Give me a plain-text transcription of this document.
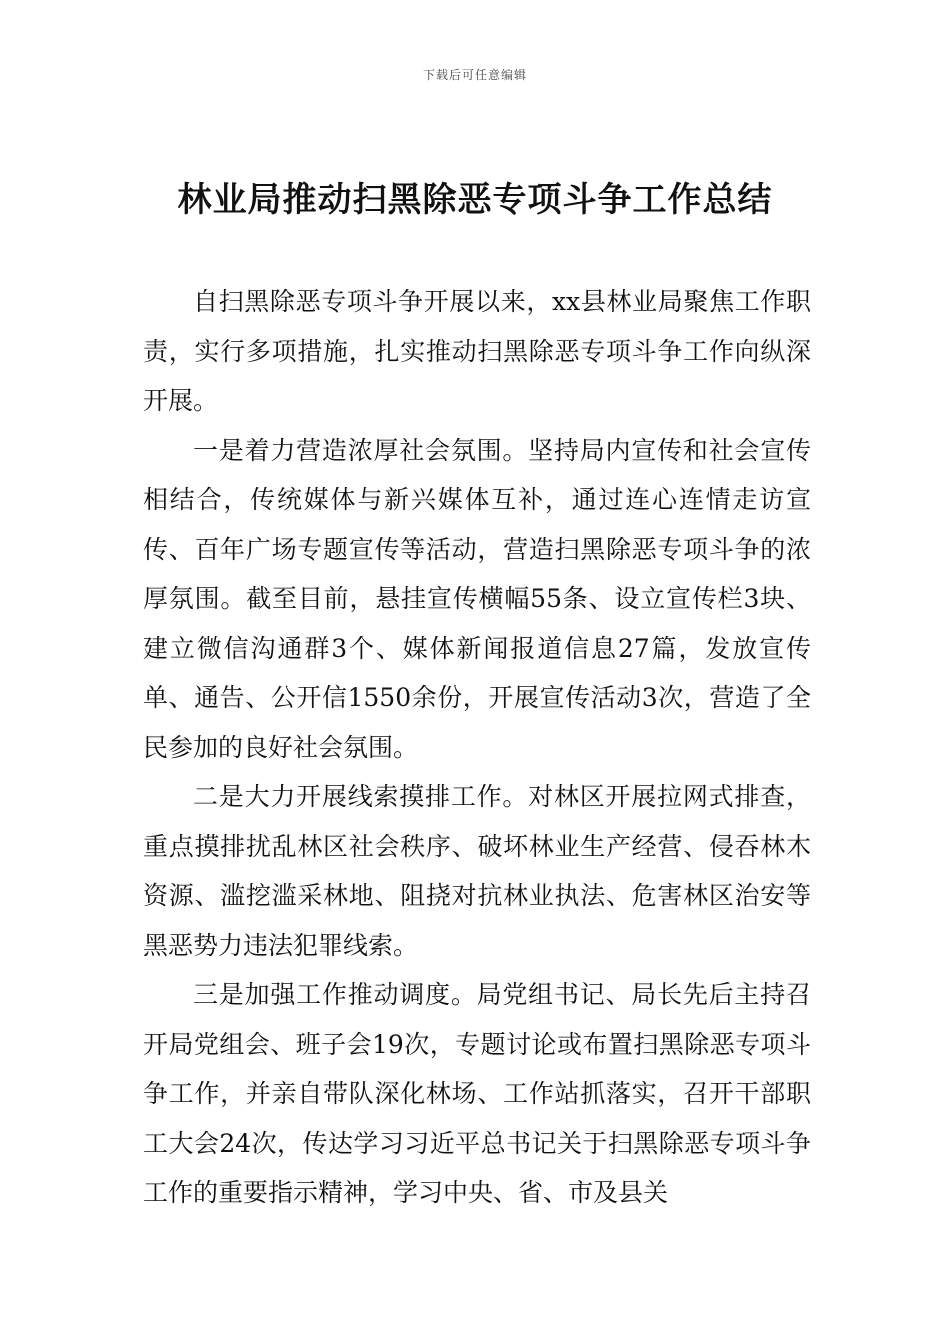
下载后可任意编辑
林业局推动扫黑除恶专项斗争工作总结

自扫黑除恶专项斗争开展以来，xx县林业局聚焦工作职责，实行多项措施，扎实推动扫黑除恶专项斗争工作向纵深开展。

一是着力营造浓厚社会氛围。坚持局内宣传和社会宣传相结合，传统媒体与新兴媒体互补，通过连心连情走访宣传、百年广场专题宣传等活动，营造扫黑除恶专项斗争的浓厚氛围。截至目前，悬挂宣传横幅55条、设立宣传栏3块、建立微信沟通群3个、媒体新闻报道信息27篇，发放宣传单、通告、公开信1550余份，开展宣传活动3次，营造了全民参加的良好社会氛围。

二是大力开展线索摸排工作。对林区开展拉网式排查，重点摸排扰乱林区社会秩序、破坏林业生产经营、侵吞林木资源、滥挖滥采林地、阻挠对抗林业执法、危害林区治安等黑恶势力违法犯罪线索。

三是加强工作推动调度。局党组书记、局长先后主持召开局党组会、班子会19次，专题讨论或布置扫黑除恶专项斗争工作，并亲自带队深化林场、工作站抓落实，召开干部职工大会24次，传达学习习近平总书记关于扫黑除恶专项斗争工作的重要指示精神，学习中央、省、市及县关
